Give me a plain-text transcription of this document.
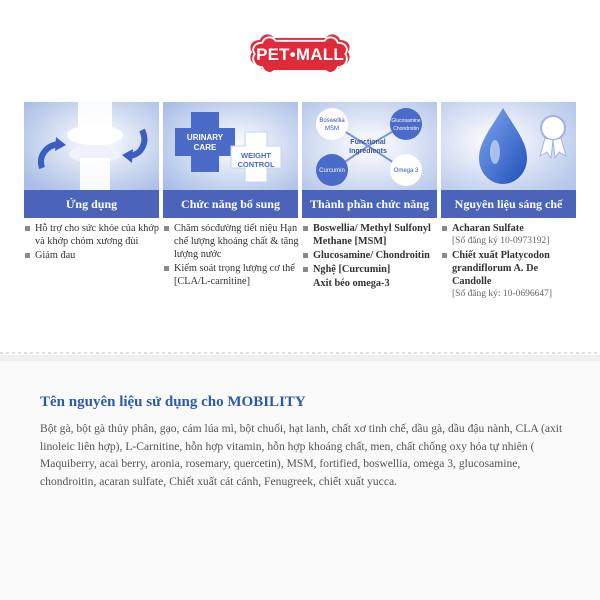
PET•MALL
Ứng dụng
URINARY
CARE
WEIGHT
CONTROL
Chức năng bổ sung
Boswellia
MSM
Glucosamine
Chondroitin
Functional
Ingredients
Curcumin	Omega 3
Thành phần chức năng	Nguyên liệu sáng chế
Hỗ trợ cho sức khỏe của khớp và khớp chỏm xương đùi
Giảm đau
Chăm sócđường tiết niệu Hạn chế lượng khoáng chất & tăng lượng nước
Kiểm soát trọng lượng cơ thể [CLA/L-carnitine]
Boswellia/ Methyl Sulfonyl Methane [MSM]
Glucosamine/ Chondroitin
Nghệ [Curcumin]
Axit béo omega-3
Acharan Sulfate
[Số đăng ký 10-0973192]
Chiết xuất Platycodon grandiflorum A. De Candolle
[Số đăng ký: 10-0696647]
Tên nguyên liệu sử dụng cho MOBILITY
Bột gà, bột gà thủy phân, gạo, cám lúa mì, bột chuối, hạt lanh, chất xơ tinh chế, dầu gà, dầu đậu nành, CLA (axit linoleic liên hợp), L-Carnitine, hỗn hợp vitamin, hỗn hợp khoáng chất, men, chất chống oxy hóa tự nhiên ( Maquiberry, acai berry, aronia, rosemary, quercetin), MSM, fortified, boswellia, omega 3, glucosamine, chondroitin, acaran sulfate, Chiết xuất cát cánh, Fenugreek, chiết xuất yucca.
